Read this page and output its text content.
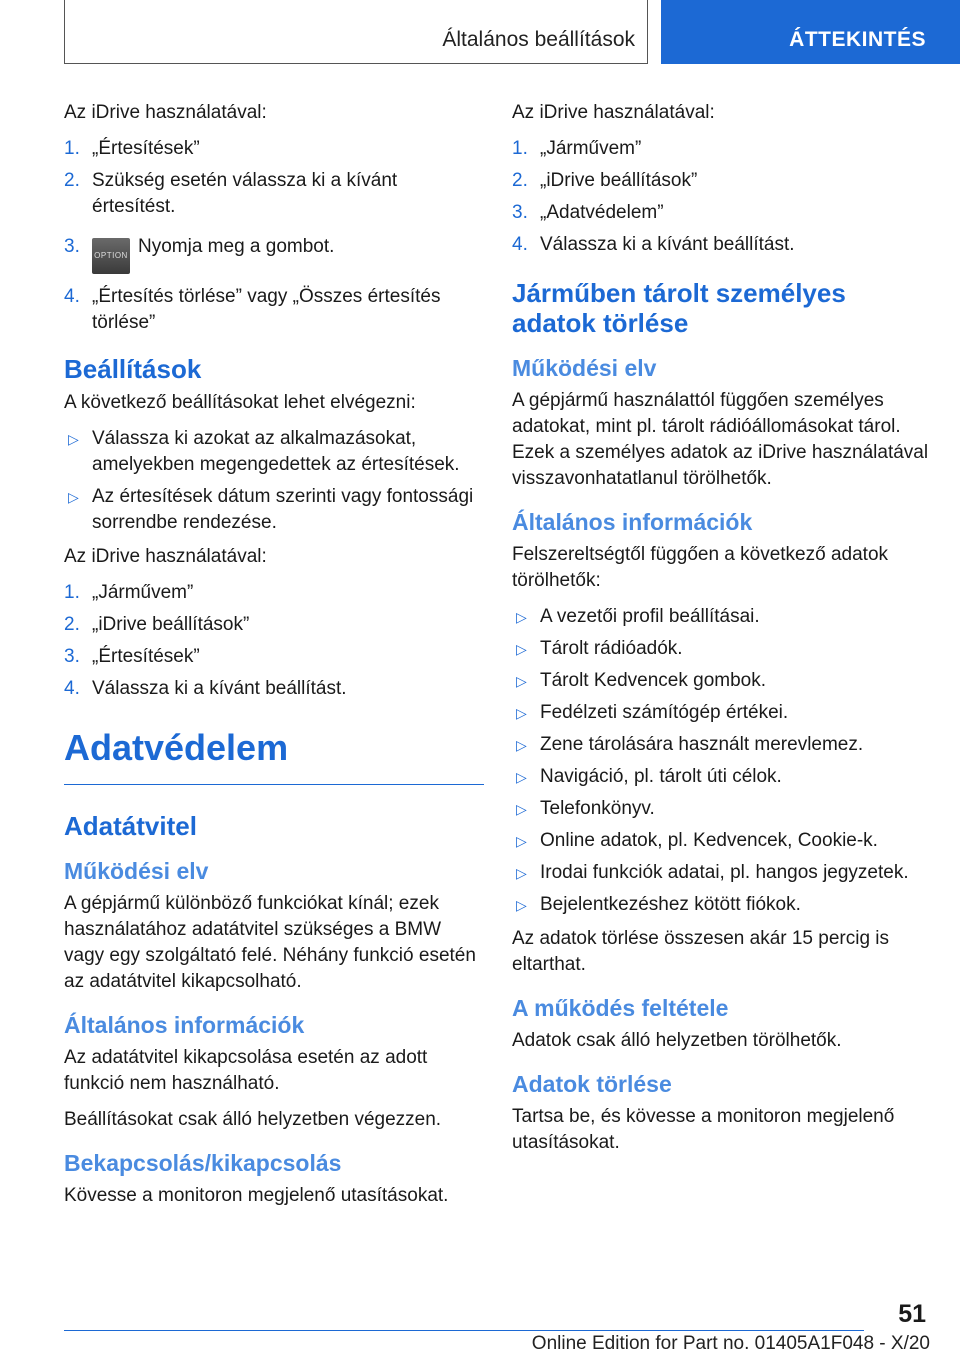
Általános beállítások	ÁTTEKINTÉS

Az iDrive használatával:

1. „Értesítések”
2. Szükség esetén válassza ki a kívánt értesítést.
3. OPTION Nyomja meg a gombot.
4. „Értesítés törlése” vagy „Összes értesítés törlése”
Beállítások

A következő beállításokat lehet elvégezni:

▷ Válassza ki azokat az alkalmazásokat, amelyekben megengedettek az értesítések.
▷ Az értesítések dátum szerinti vagy fontossági sorrendbe rendezése.

Az iDrive használatával:

1. „Járművem”
2. „iDrive beállítások”
3. „Értesítések”
4. Válassza ki a kívánt beállítást.
Adatvédelem
Adatátvitel
Működési elv

A gépjármű különböző funkciókat kínál; ezek használatához adatátvitel szükséges a BMW vagy egy szolgáltató felé. Néhány funkció esetén az adatátvitel kikapcsolható.

Általános információk

Az adatátvitel kikapcsolása esetén az adott funkció nem használható.

Beállításokat csak álló helyzetben végezzen.

Bekapcsolás/kikapcsolás

Kövesse a monitoron megjelenő utasításokat.

Az iDrive használatával:

1. „Járművem”
2. „iDrive beállítások”
3. „Adatvédelem”
4. Válassza ki a kívánt beállítást.
Járműben tárolt személyes adatok törlése
Működési elv

A gépjármű használattól függően személyes adatokat, mint pl. tárolt rádióállomásokat tárol. Ezek a személyes adatok az iDrive használatával visszavonhatatlanul törölhetők.

Általános információk

Felszereltségtől függően a következő adatok törölhetők:

▷ A vezetői profil beállításai.
▷ Tárolt rádióadók.
▷ Tárolt Kedvencek gombok.
▷ Fedélzeti számítógép értékei.
▷ Zene tárolására használt merevlemez.
▷ Navigáció, pl. tárolt úti célok.
▷ Telefonkönyv.
▷ Online adatok, pl. Kedvencek, Cookie-k.
▷ Irodai funkciók adatai, pl. hangos jegyzetek.
▷ Bejelentkezéshez kötött fiókok.

Az adatok törlése összesen akár 15 percig is eltarthat.

A működés feltétele

Adatok csak álló helyzetben törölhetők.

Adatok törlése

Tartsa be, és kövesse a monitoron megjelenő utasításokat.

51
Online Edition for Part no. 01405A1F048 - X/20
